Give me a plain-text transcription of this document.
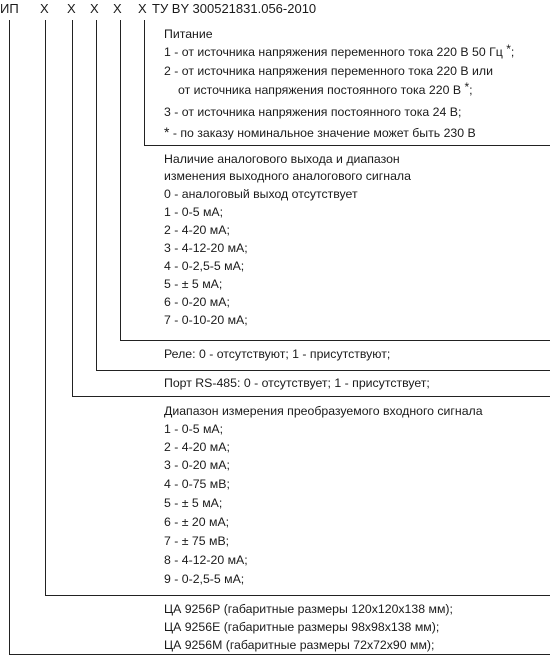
ИП X X X X X ТУ BY 300521831.056-2010
Питание
1 - от источника напряжения переменного тока 220 В 50 Гц *;
2 - от источника напряжения переменного тока 220 В или
от источника напряжения постоянного тока 220 В *;
3 - от источника напряжения постоянного тока 24 В;
* - по заказу номинальное значение может быть 230 В
Наличие аналогового выхода и диапазон
изменения выходного аналогового сигнала
0 - аналоговый выход отсутствует
1 - 0-5 мА;
2 - 4-20 мА;
3 - 4-12-20 мА;
4 - 0-2,5-5 мА;
5 - ± 5 мА;
6 - 0-20 мА;
7 - 0-10-20 мА;
Реле: 0 - отсутствуют; 1 - присутствуют;
Порт RS-485: 0 - отсутствует; 1 - присутствует;
Диапазон измерения преобразуемого входного сигнала
1 - 0-5 мА;
2 - 4-20 мА;
3 - 0-20 мА;
4 - 0-75 мВ;
5 - ± 5 мА;
6 - ± 20 мА;
7 - ± 75 мВ;
8 - 4-12-20 мА;
9 - 0-2,5-5 мА;
ЦА 9256Р (габаритные размеры 120х120х138 мм);
ЦА 9256Е (габаритные размеры 98х98х138 мм);
ЦА 9256М (габаритные размеры 72х72х90 мм);
